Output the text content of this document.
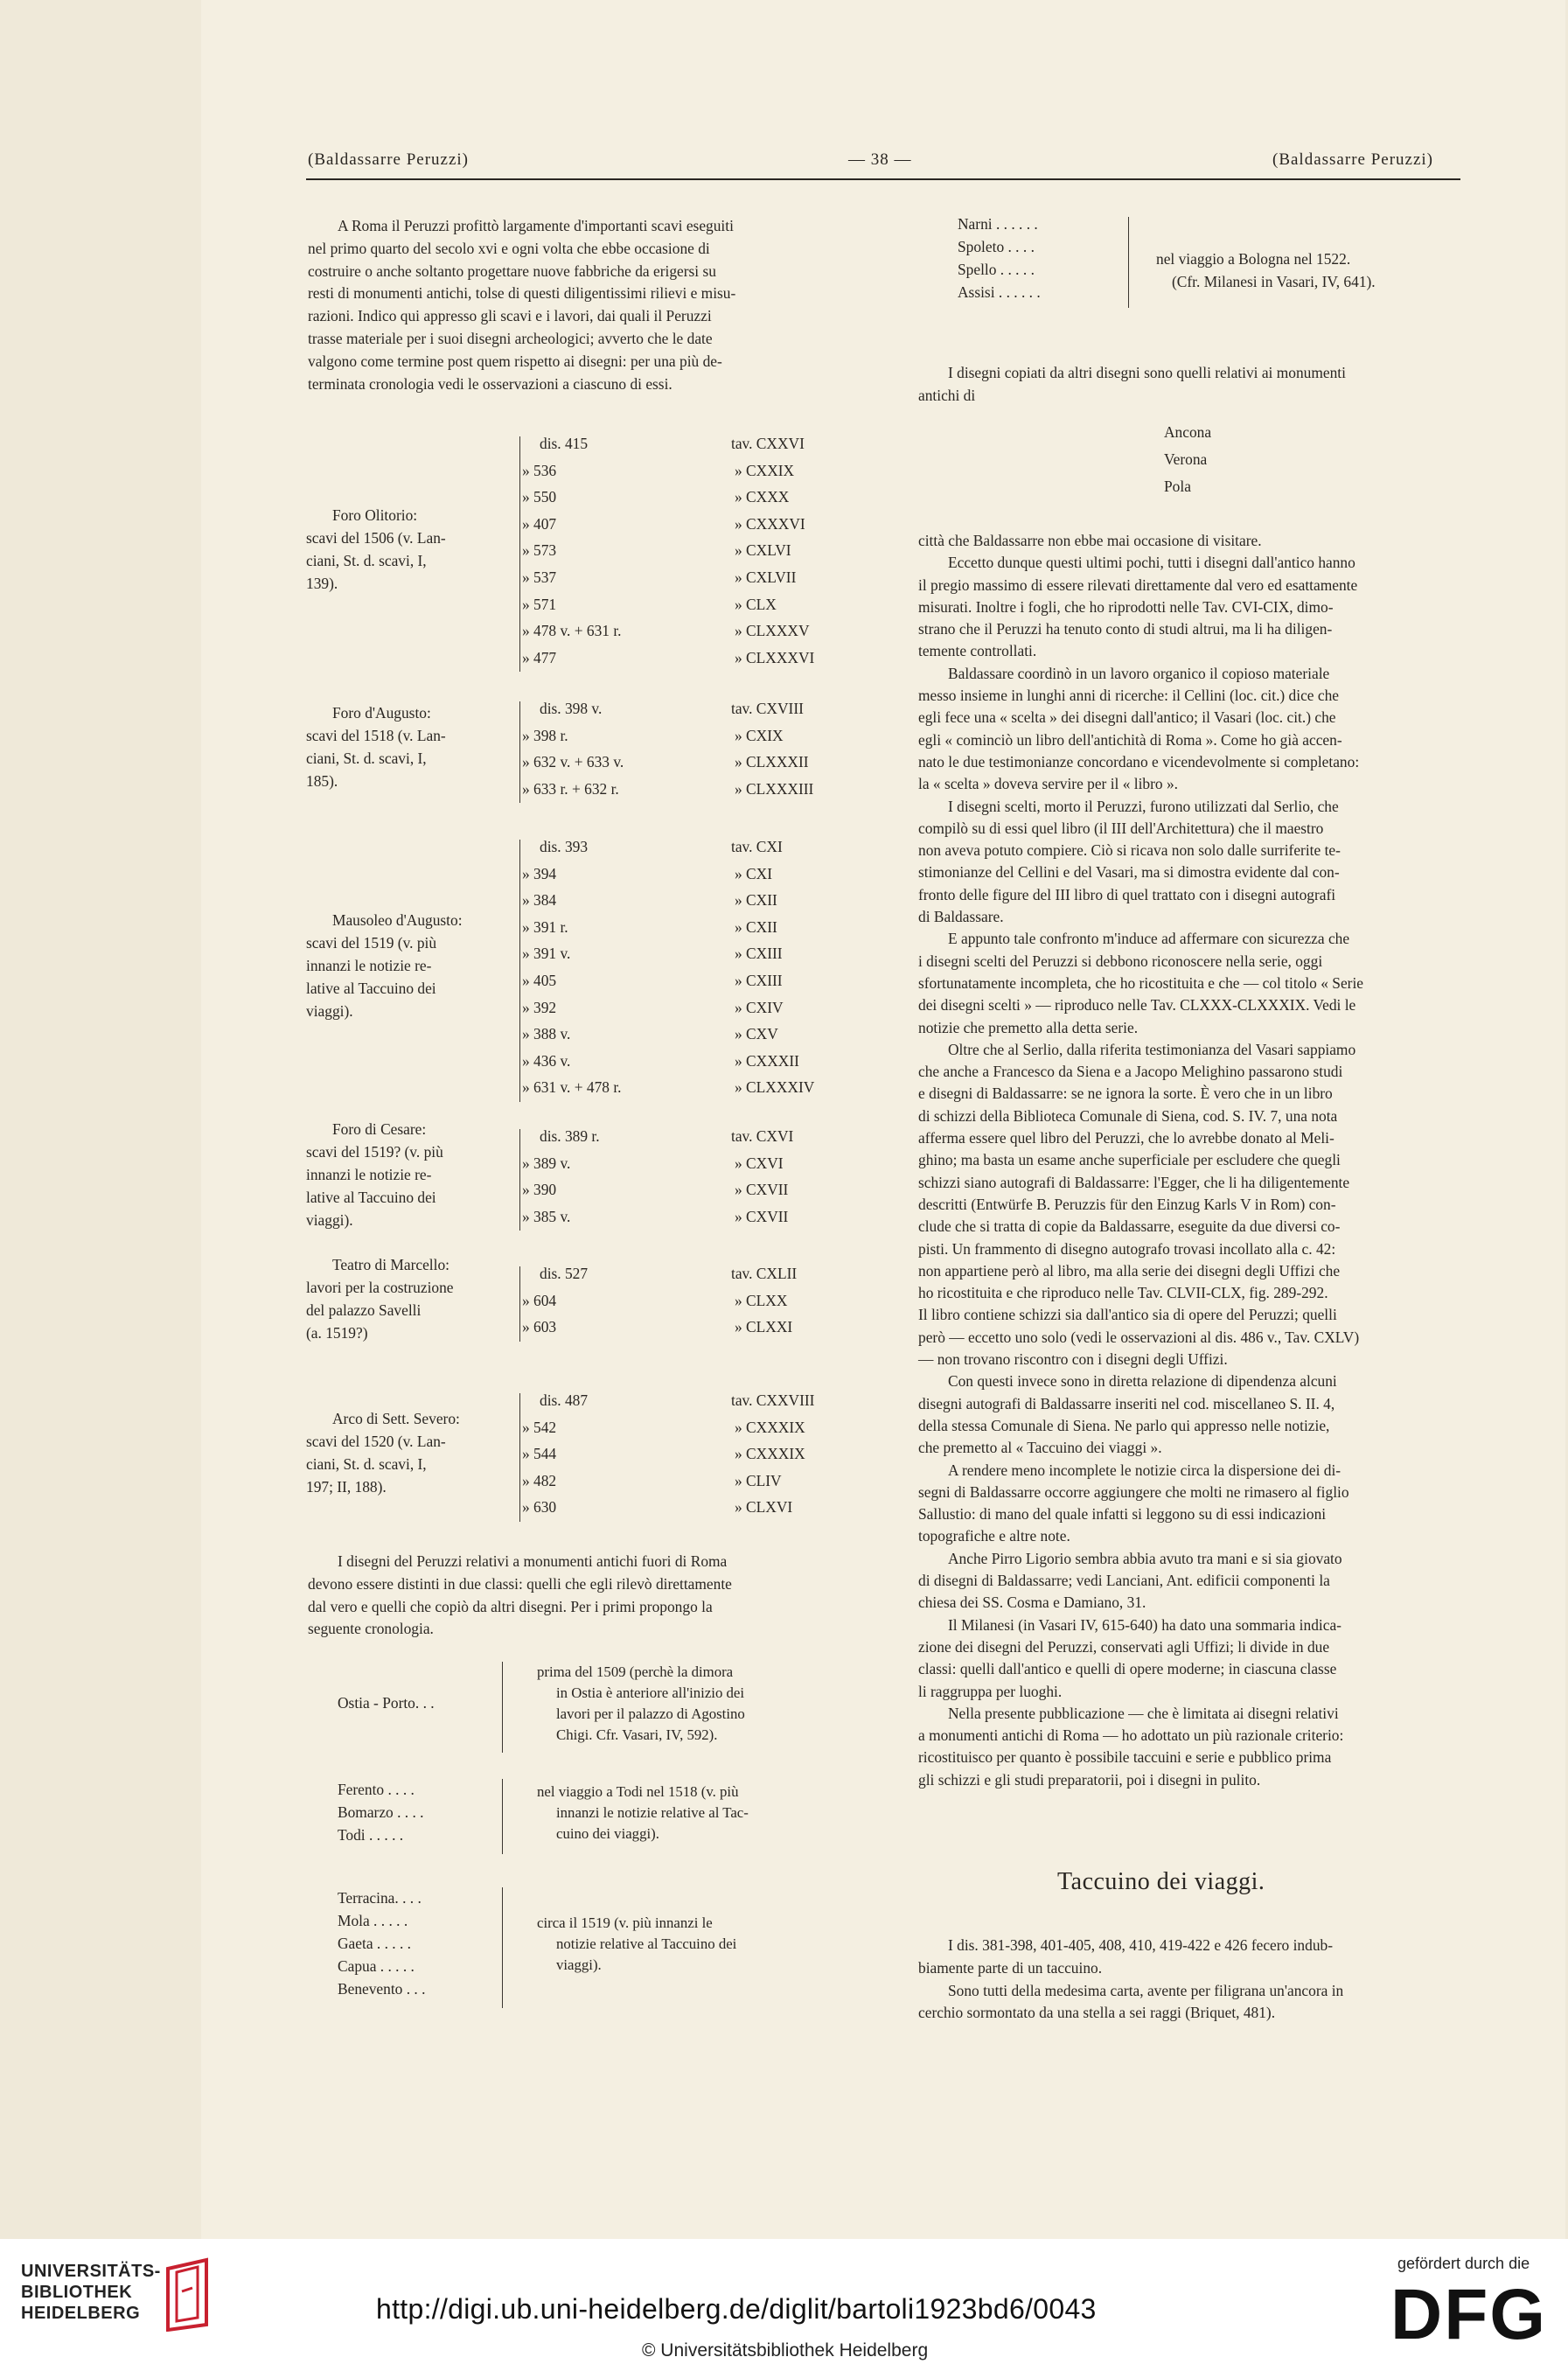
(Baldassarre Peruzzi)	— 38 —	(Baldassarre Peruzzi)
A Roma il Peruzzi profittò largamente d'importanti scavi eseguiti
nel primo quarto del secolo xvi e ogni volta che ebbe occasione di
costruire o anche soltanto progettare nuove fabbriche da erigersi su
resti di monumenti antichi, tolse di questi diligentissimi rilievi e misu-
razioni. Indico qui appresso gli scavi e i lavori, dai quali il Peruzzi
trasse materiale per i suoi disegni archeologici; avverto che le date
valgono come termine post quem rispetto ai disegni: per una più de-
terminata cronologia vedi le osservazioni a ciascuno di essi.
I disegni del Peruzzi relativi a monumenti antichi fuori di Roma
devono essere distinti in due classi: quelli che egli rilevò direttamente
dal vero e quelli che copiò da altri disegni. Per i primi propongo la
seguente cronologia.
Narni . . . . . .
Spoleto . . . .
Spello . . . . .
Assisi . . . . . .
nel viaggio a Bologna nel 1522.
(Cfr. Milanesi in Vasari, IV, 641).
I disegni copiati da altri disegni sono quelli relativi ai monumenti
antichi di
Ancona
Verona
Pola
città che Baldassarre non ebbe mai occasione di visitare.
Eccetto dunque questi ultimi pochi, tutti i disegni dall'antico hanno
il pregio massimo di essere rilevati direttamente dal vero ed esattamente
misurati. Inoltre i fogli, che ho riprodotti nelle Tav. CVI-CIX, dimo-
strano che il Peruzzi ha tenuto conto di studi altrui, ma li ha diligen-
temente controllati.
Baldassare coordinò in un lavoro organico il copioso materiale
messo insieme in lunghi anni di ricerche: il Cellini (loc. cit.) dice che
egli fece una « scelta » dei disegni dall'antico; il Vasari (loc. cit.) che
egli « cominciò un libro dell'antichità di Roma ». Come ho già accen-
nato le due testimonianze concordano e vicendevolmente si completano:
la « scelta » doveva servire per il « libro ».
I disegni scelti, morto il Peruzzi, furono utilizzati dal Serlio, che
compilò su di essi quel libro (il III dell'Architettura) che il maestro
non aveva potuto compiere. Ciò si ricava non solo dalle surriferite te-
stimonianze del Cellini e del Vasari, ma si dimostra evidente dal con-
fronto delle figure del III libro di quel trattato con i disegni autografi
di Baldassare.
E appunto tale confronto m'induce ad affermare con sicurezza che
i disegni scelti del Peruzzi si debbono riconoscere nella serie, oggi
sfortunatamente incompleta, che ho ricostituita e che — col titolo « Serie
dei disegni scelti » — riproduco nelle Tav. CLXXX-CLXXXIX. Vedi le
notizie che premetto alla detta serie.
Oltre che al Serlio, dalla riferita testimonianza del Vasari sappiamo
che anche a Francesco da Siena e a Jacopo Melighino passarono studi
e disegni di Baldassarre: se ne ignora la sorte. È vero che in un libro
di schizzi della Biblioteca Comunale di Siena, cod. S. IV. 7, una nota
afferma essere quel libro del Peruzzi, che lo avrebbe donato al Meli-
ghino; ma basta un esame anche superficiale per escludere che quegli
schizzi siano autografi di Baldassarre: l'Egger, che li ha diligentemente
descritti (Entwürfe B. Peruzzis für den Einzug Karls V in Rom) con-
clude che si tratta di copie da Baldassarre, eseguite da due diversi co-
pisti. Un frammento di disegno autografo trovasi incollato alla c. 42:
non appartiene però al libro, ma alla serie dei disegni degli Uffizi che
ho ricostituita e che riproduco nelle Tav. CLVII-CLX, fig. 289-292.
Il libro contiene schizzi sia dall'antico sia di opere del Peruzzi; quelli
però — eccetto uno solo (vedi le osservazioni al dis. 486 v., Tav. CXLV)
— non trovano riscontro con i disegni degli Uffizi.
Con questi invece sono in diretta relazione di dipendenza alcuni
disegni autografi di Baldassarre inseriti nel cod. miscellaneo S. II. 4,
della stessa Comunale di Siena. Ne parlo qui appresso nelle notizie,
che premetto al « Taccuino dei viaggi ».
A rendere meno incomplete le notizie circa la dispersione dei di-
segni di Baldassarre occorre aggiungere che molti ne rimasero al figlio
Sallustio: di mano del quale infatti si leggono su di essi indicazioni
topografiche e altre note.
Anche Pirro Ligorio sembra abbia avuto tra mani e si sia giovato
di disegni di Baldassarre; vedi Lanciani, Ant. edificii componenti la
chiesa dei SS. Cosma e Damiano, 31.
Il Milanesi (in Vasari IV, 615-640) ha dato una sommaria indica-
zione dei disegni del Peruzzi, conservati agli Uffizi; li divide in due
classi: quelli dall'antico e quelli di opere moderne; in ciascuna classe
li raggruppa per luoghi.
Nella presente pubblicazione — che è limitata ai disegni relativi
a monumenti antichi di Roma — ho adottato un più razionale criterio:
ricostituisco per quanto è possibile taccuini e serie e pubblico prima
gli schizzi e gli studi preparatorii, poi i disegni in pulito.
Taccuino dei viaggi.
I dis. 381-398, 401-405, 408, 410, 419-422 e 426 fecero indub-
biamente parte di un taccuino.
Sono tutti della medesima carta, avente per filigrana un'ancora in
cerchio sormontato da una stella a sei raggi (Briquet, 481).
Foro Olitorio:
scavi del 1506 (v. Lan-
ciani, St. d. scavi, I,
139).
dis. 415	tav. CXXVI
» 536	» CXXIX
» 550	» CXXX
» 407	» CXXXVI
» 573	» CXLVI
» 537	» CXLVII
» 571	» CLX
» 478 v. + 631 r.	» CLXXXV
» 477	» CLXXXVI
Foro d'Augusto:
scavi del 1518 (v. Lan-
ciani, St. d. scavi, I,
185).
dis. 398 v.	tav. CXVIII
» 398 r.	» CXIX
» 632 v. + 633 v.	» CLXXXII
» 633 r. + 632 r.	» CLXXXIII
Mausoleo d'Augusto:
scavi del 1519 (v. più
innanzi le notizie re-
lative al Taccuino dei
viaggi).
dis. 393	tav. CXI
» 394	» CXI
» 384	» CXII
» 391 r.	» CXII
» 391 v.	» CXIII
» 405	» CXIII
» 392	» CXIV
» 388 v.	» CXV
» 436 v.	» CXXXII
» 631 v. + 478 r.	» CLXXXIV
Foro di Cesare:
scavi del 1519? (v. più
innanzi le notizie re-
lative al Taccuino dei
viaggi).
dis. 389 r.	tav. CXVI
» 389 v.	» CXVI
» 390	» CXVII
» 385 v.	» CXVII
Teatro di Marcello:
lavori per la costruzione
del palazzo Savelli
(a. 1519?)
dis. 527	tav. CXLII
» 604	» CLXX
» 603	» CLXXI
Arco di Sett. Severo:
scavi del 1520 (v. Lan-
ciani, St. d. scavi, I,
197; II, 188).
dis. 487	tav. CXXVIII
» 542	» CXXXIX
» 544	» CXXXIX
» 482	» CLIV
» 630	» CLXVI
Ostia - Porto. . .
prima del 1509 (perchè la dimora
in Ostia è anteriore all'inizio dei
lavori per il palazzo di Agostino
Chigi. Cfr. Vasari, IV, 592).
Ferento . . . .
Bomarzo . . . .
Todi . . . . .
nel viaggio a Todi nel 1518 (v. più
innanzi le notizie relative al Tac-
cuino dei viaggi).
Terracina. . . .
Mola . . . . .
Gaeta . . . . .
Capua . . . . .
Benevento . . .
circa il 1519 (v. più innanzi le
notizie relative al Taccuino dei
viaggi).
UNIVERSITÄTS-
BIBLIOTHEK
HEIDELBERG	http://digi.ub.uni-heidelberg.de/diglit/bartoli1923bd6/0043
© Universitätsbibliothek Heidelberg
gefördert durch die
DFG
